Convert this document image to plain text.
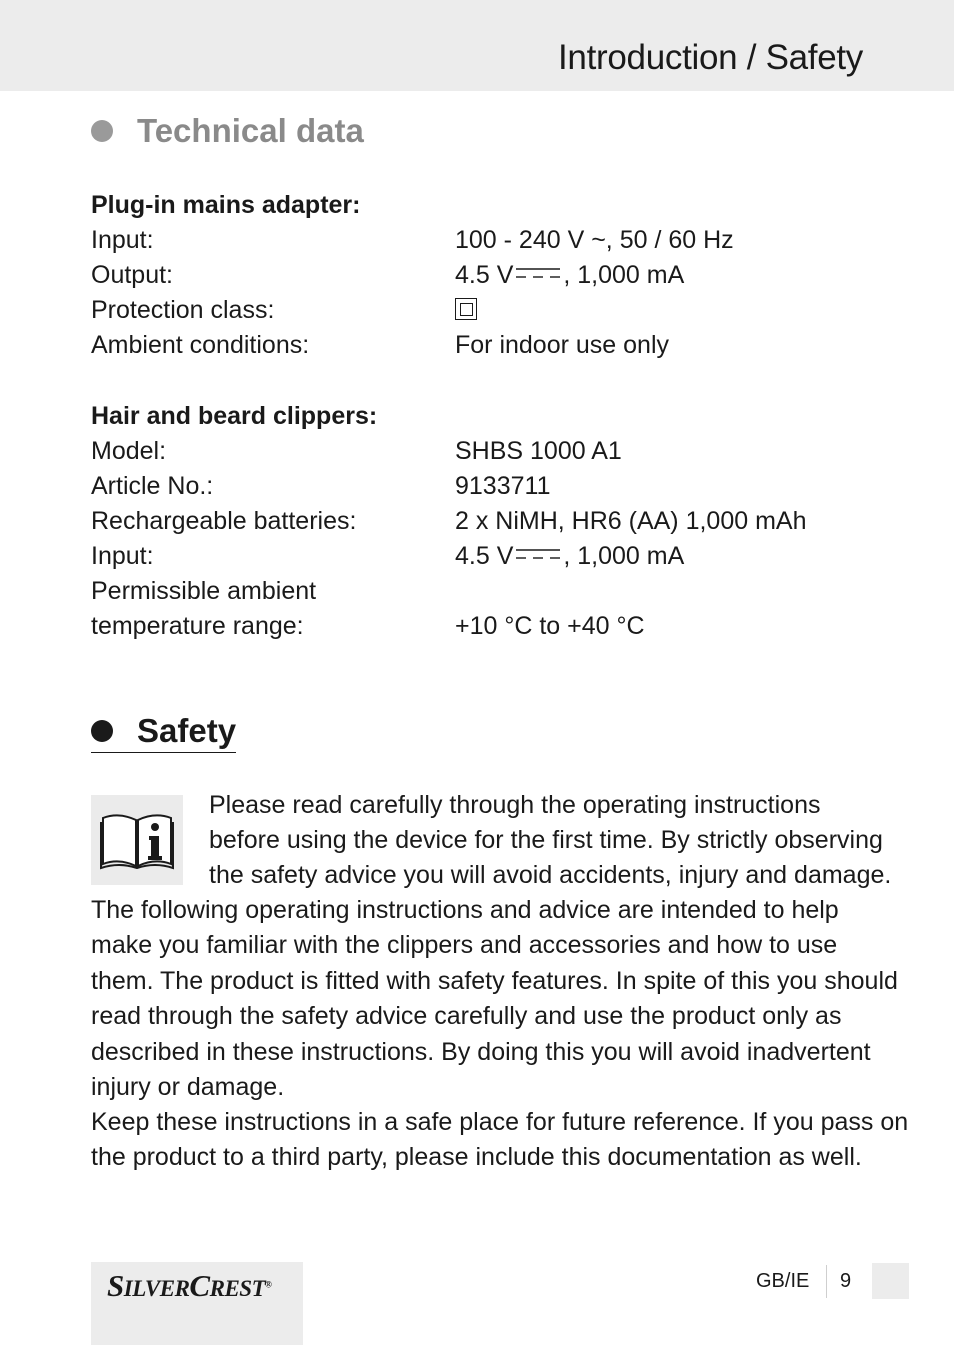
Introduction / Safety
Technical data
Plug-in mains adapter:
Input:	100 - 240 V ~, 50 / 60 Hz
Output:	4.5 V , 1,000 mA
Protection class:
Ambient conditions:	For indoor use only
Hair and beard clippers:
Model:	SHBS 1000 A1
Article No.:	9133711
Rechargeable batteries:	2 x NiMH, HR6 (AA) 1,000 mAh
Input:	4.5 V , 1,000 mA
Permissible ambient
temperature range:	+10 °C to +40 °C
Safety
Please read carefully through the operating instructions
before using the device for the first time. By strictly observing
the safety advice you will avoid accidents, injury and damage.
The following operating instructions and advice are intended to help
make you familiar with the clippers and accessories and how to use
them. The product is fitted with safety features. In spite of this you should
read through the safety advice carefully and use the product only as
described in these instructions. By doing this you will avoid inadvertent
injury or damage.
Keep these instructions in a safe place for future reference. If you pass on
the product to a third party, please include this documentation as well.
SILVERCREST®	GB/IE 9
